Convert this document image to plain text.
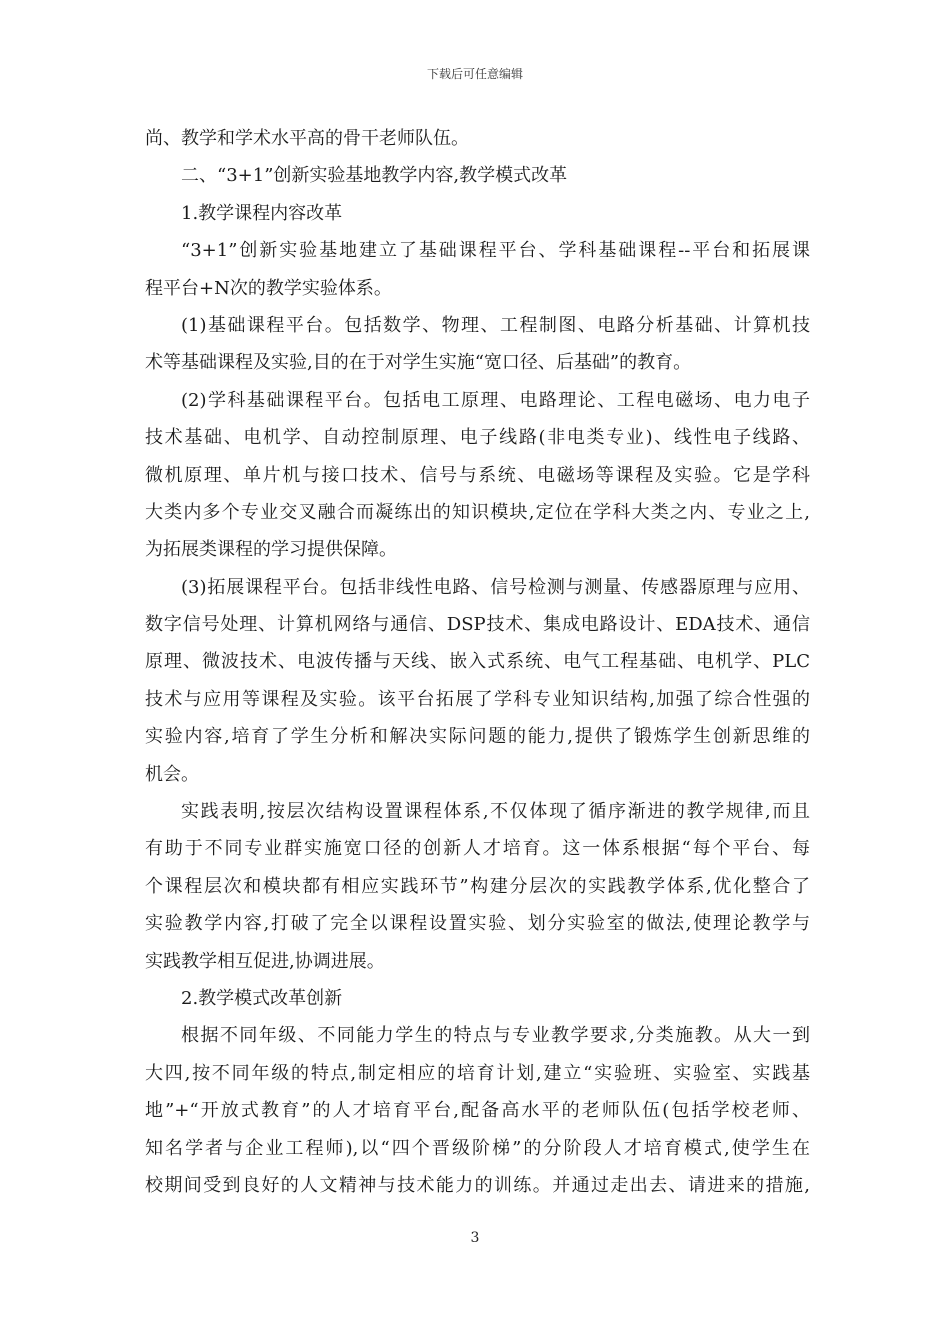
下载后可任意编辑
尚、教学和学术水平高的骨干老师队伍。
二、“3+1”创新实验基地教学内容,教学模式改革
1.教学课程内容改革
“3+1”创新实验基地建立了基础课程平台、学科基础课程--平台和拓展课
程平台+N次的教学实验体系。
(1)基础课程平台。包括数学、物理、工程制图、电路分析基础、计算机技
术等基础课程及实验,目的在于对学生实施“宽口径、后基础”的教育。
(2)学科基础课程平台。包括电工原理、电路理论、工程电磁场、电力电子
技术基础、电机学、自动控制原理、电子线路(非电类专业)、线性电子线路、
微机原理、单片机与接口技术、信号与系统、电磁场等课程及实验。它是学科
大类内多个专业交叉融合而凝练出的知识模块,定位在学科大类之内、专业之上,
为拓展类课程的学习提供保障。
(3)拓展课程平台。包括非线性电路、信号检测与测量、传感器原理与应用、
数字信号处理、计算机网络与通信、DSP技术、集成电路设计、EDA技术、通信
原理、微波技术、电波传播与天线、嵌入式系统、电气工程基础、电机学、PLC
技术与应用等课程及实验。该平台拓展了学科专业知识结构,加强了综合性强的
实验内容,培育了学生分析和解决实际问题的能力,提供了锻炼学生创新思维的
机会。
实践表明,按层次结构设置课程体系,不仅体现了循序渐进的教学规律,而且
有助于不同专业群实施宽口径的创新人才培育。这一体系根据“每个平台、每
个课程层次和模块都有相应实践环节”构建分层次的实践教学体系,优化整合了
实验教学内容,打破了完全以课程设置实验、划分实验室的做法,使理论教学与
实践教学相互促进,协调进展。
2.教学模式改革创新
根据不同年级、不同能力学生的特点与专业教学要求,分类施教。从大一到
大四,按不同年级的特点,制定相应的培育计划,建立“实验班、实验室、实践基
地”+“开放式教育”的人才培育平台,配备高水平的老师队伍(包括学校老师、
知名学者与企业工程师),以“四个晋级阶梯”的分阶段人才培育模式,使学生在
校期间受到良好的人文精神与技术能力的训练。并通过走出去、请进来的措施,
3
